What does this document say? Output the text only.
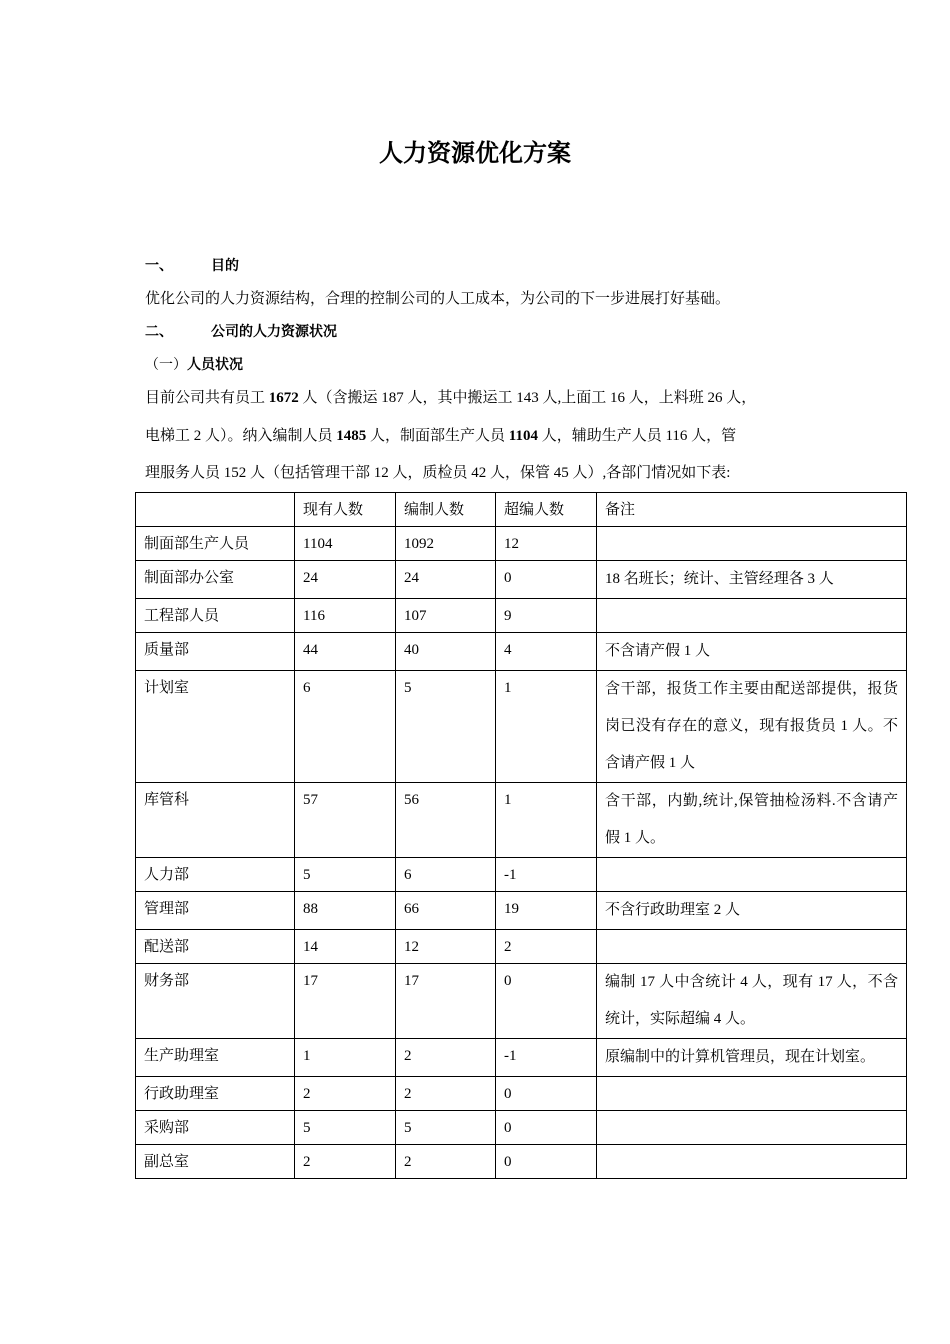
人力资源优化方案
一、	目的
优化公司的人力资源结构，合理的控制公司的人工成本，为公司的下一步进展打好基础。
二、	公司的人力资源状况
（一）人员状况
目前公司共有员工 1672 人（含搬运 187 人，其中搬运工 143 人,上面工 16 人，上料班 26 人，
电梯工 2 人）。纳入编制人员 1485 人，制面部生产人员 1104 人，辅助生产人员 116 人，管
理服务人员 152 人（包括管理干部 12 人，质检员 42 人，保管 45 人）,各部门情况如下表:
	现有人数	编制人数	超编人数	备注
制面部生产人员	1104	1092	12	
制面部办公室	24	24	0	18 名班长；统计、主管经理各 3 人
工程部人员	116	107	9	
质量部	44	40	4	不含请产假 1 人
计划室	6	5	1	含干部，报货工作主要由配送部提供，报货岗已没有存在的意义，现有报货员 1 人。不含请产假 1 人
库管科	57	56	1	含干部，内勤,统计,保管抽检汤料.不含请产假 1 人。
人力部	5	6	-1	
管理部	88	66	19	不含行政助理室 2 人
配送部	14	12	2	
财务部	17	17	0	编制 17 人中含统计 4 人，现有 17 人，不含统计，实际超编 4 人。
生产助理室	1	2	-1	原编制中的计算机管理员，现在计划室。
行政助理室	2	2	0	
采购部	5	5	0	
副总室	2	2	0	
